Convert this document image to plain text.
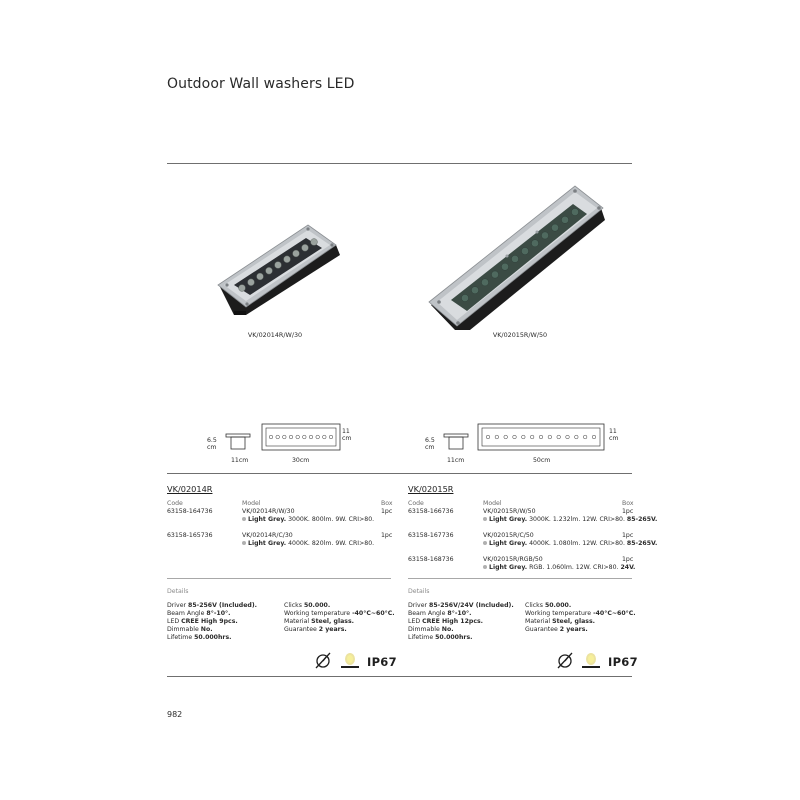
Outdoor Wall washers LED
VK/02014R/W/30	VK/02015R/W/50
6.5
cm
11cm	30cm
11
cm	6.5
cm
11cm	50cm
11
cm
VK/02014R
Code	Model	Box
63158-164736	VK/02014R/W/30
Light Grey. 3000K. 800lm. 9W. CRI>80.
1pc
63158-165736	VK/02014R/C/30
Light Grey. 4000K. 820lm. 9W. CRI>80.
1pc
Details
Driver 85-256V (Included).
Beam Angle 8°-10°.
LED CREE High 9pcs.
Dimmable No.
Lifetime 50.000hrs.
Clicks 50.000.
Working temperature -40°C~60°C.
Material Steel, glass.
Guarantee 2 years.
IP67
VK/02015R
Code	Model	Box
63158-166736	VK/02015R/W/50
Light Grey. 3000K. 1.232lm. 12W. CRI>80. 85-265V.
1pc
63158-167736	VK/02015R/C/50
Light Grey. 4000K. 1.080lm. 12W. CRI>80. 85-265V.
1pc
63158-168736	VK/02015R/RGB/50
Light Grey. RGB. 1.060lm. 12W. CRI>80. 24V.
1pc
Details
Driver 85-256V/24V (Included).
Beam Angle 8°-10°.
LED CREE High 12pcs.
Dimmable No.
Lifetime 50.000hrs.
Clicks 50.000.
Working temperature -40°C~60°C.
Material Steel, glass.
Guarantee 2 years.
IP67
982
